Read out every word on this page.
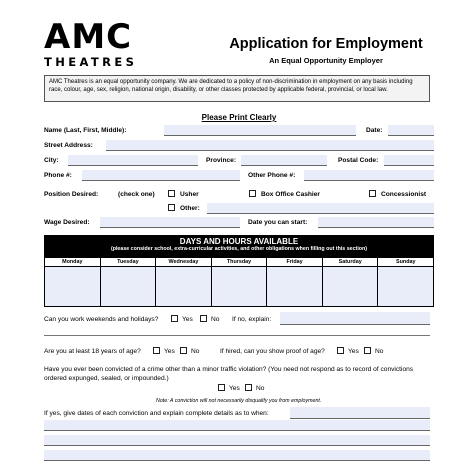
AMC
THEATRES
Application for Employment
An Equal Opportunity Employer
AMC Theatres is an equal opportunity company. We are dedicated to a policy of non-discrimination in employment on any basis including race, colour, age, sex, religion, national origin, disability, or other classes protected by applicable federal, provincial, or local law.
Please Print Clearly
Name (Last, First, Middle):	Date:
Street Address:
City:	Province:	Postal Code:
Phone #:	Other Phone #:
Position Desired:	(check one)	Usher	Box Office Cashier	Concessionist
Other:
Wage Desired:	Date you can start:
DAYS AND HOURS AVAILABLE
(please consider school, extra-curricular activities, and other obligations when filling out this section)
Monday	Tuesday	Wednesday	Thursday	Friday	Saturday	Sunday
Can you work weekends and holidays?	Yes	No If no, explain:
Are you at least 18 years of age?	Yes No	If hired, can you show proof of age?	Yes No
Have you ever been convicted of a crime other than a minor traffic violation? (You need not respond as to record of convictions ordered expunged, sealed, or impounded.)
Yes No
Note: A conviction will not necessarily disqualify you from employment.
If yes, give dates of each conviction and explain complete details as to when:
